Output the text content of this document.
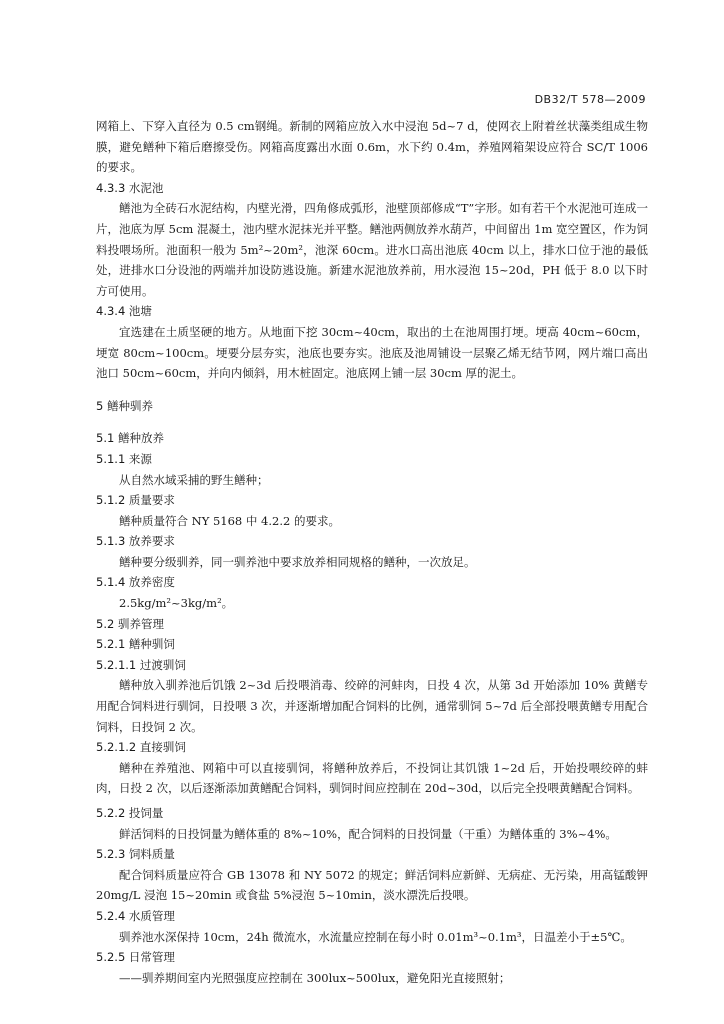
DB32/T 578—2009

网箱上、下穿入直径为 0.5 cm钢绳。新制的网箱应放入水中浸泡 5d~7 d，使网衣上附着丝状藻类组成生物膜，避免鳝种下箱后磨擦受伤。网箱高度露出水面 0.6m，水下约 0.4m，养殖网箱架设应符合 SC/T 1006 的要求。

4.3.3 水泥池

鳝池为全砖石水泥结构，内壁光滑，四角修成弧形，池壁顶部修成“T”字形。如有若干个水泥池可连成一片，池底为厚 5cm 混凝土，池内壁水泥抹光并平整。鳝池两侧放养水葫芦，中间留出 1m 宽空置区，作为饲料投喂场所。池面积一般为 5m²~20m²，池深 60cm。进水口高出池底 40cm 以上，排水口位于池的最低处，进排水口分设池的两端并加设防逃设施。新建水泥池放养前，用水浸泡 15~20d，PH 低于 8.0 以下时方可使用。

4.3.4 池塘

宜选建在土质坚硬的地方。从地面下挖 30cm~40cm，取出的土在池周围打埂。埂高 40cm~60cm，埂宽 80cm~100cm。埂要分层夯实，池底也要夯实。池底及池周铺设一层聚乙烯无结节网，网片端口高出池口 50cm~60cm，并向内倾斜，用木桩固定。池底网上铺一层 30cm 厚的泥土。

5 鳝种驯养

5.1 鳝种放养

5.1.1 来源

从自然水域采捕的野生鳝种；

5.1.2 质量要求

鳝种质量符合 NY 5168 中 4.2.2 的要求。

5.1.3 放养要求

鳝种要分级驯养，同一驯养池中要求放养相同规格的鳝种，一次放足。

5.1.4 放养密度

2.5kg/m²~3kg/m²。

5.2 驯养管理

5.2.1 鳝种驯饲

5.2.1.1 过渡驯饲

鳝种放入驯养池后饥饿 2~3d 后投喂消毒、绞碎的河蚌肉，日投 4 次，从第 3d 开始添加 10% 黄鳝专用配合饲料进行驯饲，日投喂 3 次，并逐渐增加配合饲料的比例，通常驯饲 5~7d 后全部投喂黄鳝专用配合饲料，日投饲 2 次。

5.2.1.2 直接驯饲

鳝种在养殖池、网箱中可以直接驯饲，将鳝种放养后，不投饲让其饥饿 1~2d 后，开始投喂绞碎的蚌肉，日投 2 次，以后逐渐添加黄鳝配合饲料，驯饲时间应控制在 20d~30d，以后完全投喂黄鳝配合饲料。

5.2.2 投饲量

鲜活饲料的日投饲量为鳝体重的 8%~10%，配合饲料的日投饲量（干重）为鳝体重的 3%~4%。

5.2.3 饲料质量

配合饲料质量应符合 GB 13078 和 NY 5072 的规定；鲜活饲料应新鲜、无病症、无污染，用高锰酸钾 20mg/L 浸泡 15~20min 或食盐 5%浸泡 5~10min，淡水漂洗后投喂。

5.2.4 水质管理

驯养池水深保持 10cm，24h 微流水，水流量应控制在每小时 0.01m³~0.1m³，日温差小于±5℃。

5.2.5 日常管理

——驯养期间室内光照强度应控制在 300lux~500lux，避免阳光直接照射；
